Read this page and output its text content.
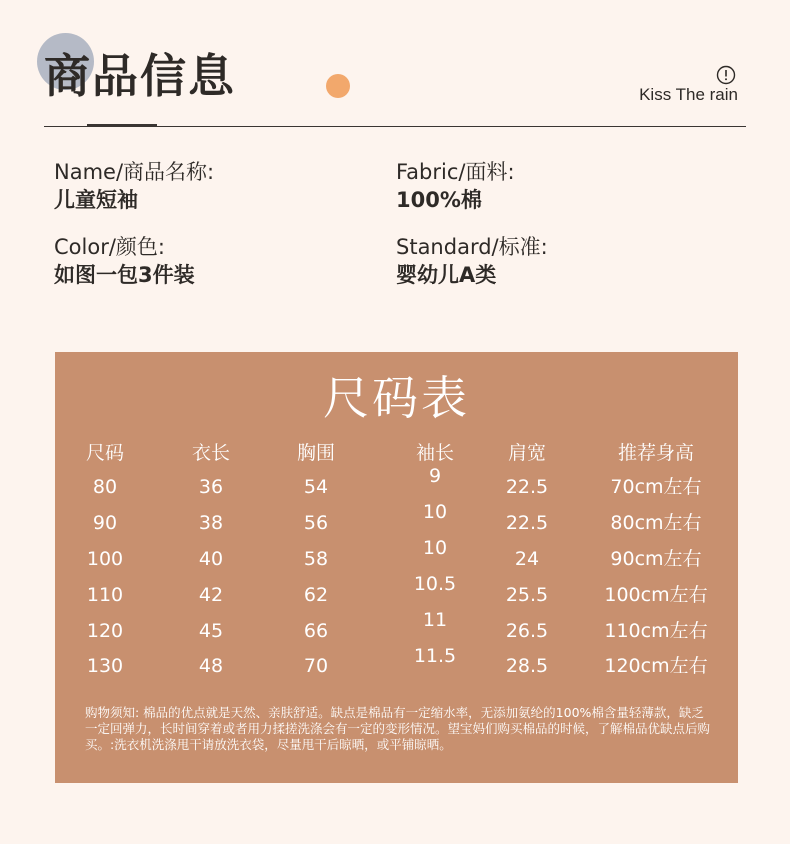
商品信息	Kiss The rain
Name/商品名称:
儿童短袖
Fabric/面料:
100%棉
Color/颜色:
如图一包3件装
Standard/标准:
婴幼儿A类
尺码表
尺码	衣长	胸围	袖长	肩宽	推荐身高
80	36	54	9	22.5	70cm左右
90	38	56	10	22.5	80cm左右
100	40	58	10	24	90cm左右
110	42	62	10.5	25.5	100cm左右
120	45	66	11	26.5	110cm左右
130	48	70	11.5	28.5	120cm左右
购物须知: 棉品的优点就是天然、亲肤舒适。缺点是棉品有一定缩水率，无添加氨纶的100%棉含量轻薄款，缺乏一定回弹力，长时间穿着或者用力揉搓洗涤会有一定的变形情况。望宝妈们购买棉品的时候，了解棉品优缺点后购买。:洗衣机洗涤甩干请放洗衣袋，尽量甩干后晾晒，或平铺晾晒。
